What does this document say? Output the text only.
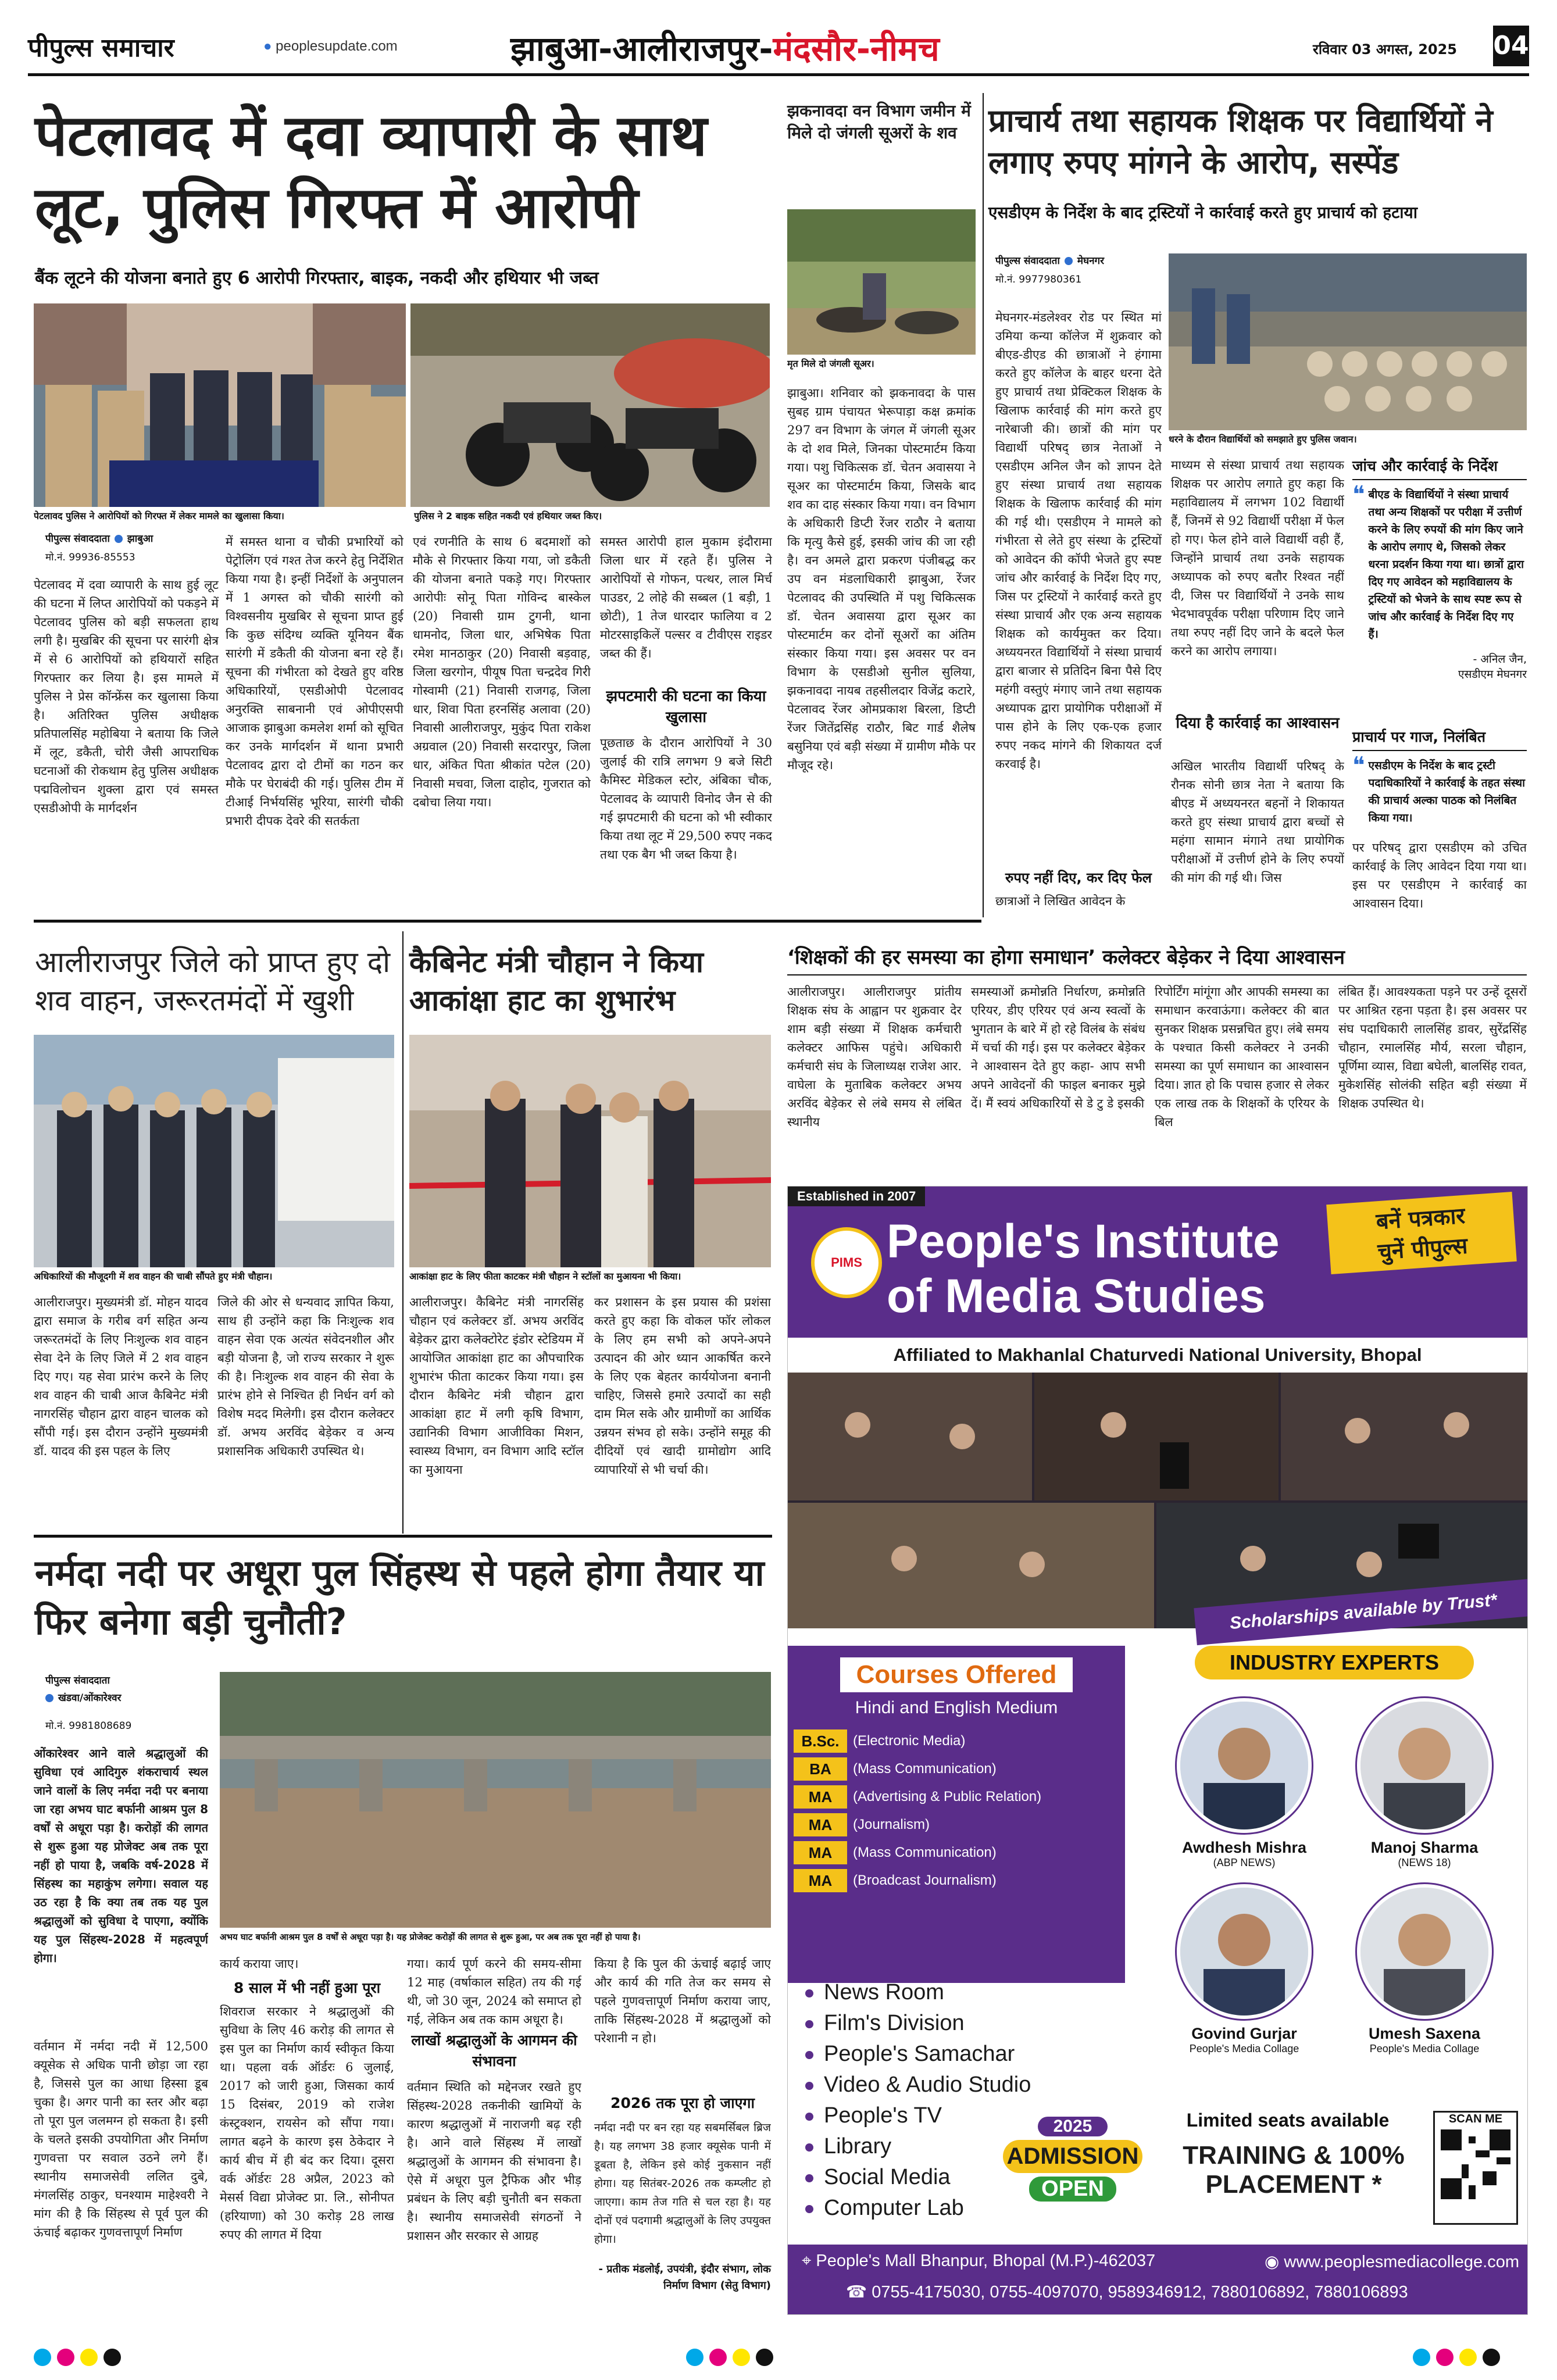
पीपुल्स समाचार	● peoplesupdate.com	झाबुआ-आलीराजपुर-मंदसौर-नीमच	रविवार 03 अगस्त, 2025 04
पेटलावद में दवा व्यापारी के साथ लूट, पुलिस गिरफ्त में आरोपी
बैंक लूटने की योजना बनाते हुए 6 आरोपी गिरफ्तार, बाइक, नकदी और हथियार भी जब्त
पेटलावद पुलिस ने आरोपियों को गिरफ्त में लेकर मामले का खुलासा किया।	पुलिस ने 2 बाइक सहित नकदी एवं हथियार जब्त किए।
पीपुल्स संवाददाता झाबुआ
मो.नं. 99936-85553
पेटलावद में दवा व्यापारी के साथ हुई लूट की घटना में लिप्त आरोपियों को पकड़ने में पेटलावद पुलिस को बड़ी सफलता हाथ लगी है। मुखबिर की सूचना पर सारंगी क्षेत्र में से 6 आरोपियों को हथियारों सहित गिरफ्तार कर लिया है। इस मामले में पुलिस ने प्रेस कॉन्फ्रेंस कर खुलासा किया है। अतिरिक्त पुलिस अधीक्षक प्रतिपालसिंह महोबिया ने बताया कि जिले में लूट, डकैती, चोरी जैसी आपराधिक घटनाओं की रोकथाम हेतु पुलिस अधीक्षक पद्मविलोचन शुक्ला द्वारा एवं समस्त एसडीओपी के मार्गदर्शन
में समस्त थाना व चौकी प्रभारियों को पेट्रोलिंग एवं गश्त तेज करने हेतु निर्देशित किया गया है। इन्हीं निर्देशों के अनुपालन में 1 अगस्त को चौकी सारंगी को विश्वसनीय मुखबिर से सूचना प्राप्त हुई कि कुछ संदिग्ध व्यक्ति यूनियन बैंक सारंगी में डकैती की योजना बना रहे हैं। सूचना की गंभीरता को देखते हुए वरिष्ठ अधिकारियों, एसडीओपी पेटलावद अनुरक्ति साबनानी एवं ओपीएसपी आजाक झाबुआ कमलेश शर्मा को सूचित कर उनके मार्गदर्शन में थाना प्रभारी पेटलावद द्वारा दो टीमों का गठन कर मौके पर घेराबंदी की गई। पुलिस टीम में टीआई निर्भयसिंह भूरिया, सारंगी चौकी प्रभारी दीपक देवरे की सतर्कता
एवं रणनीति के साथ 6 बदमाशों को मौके से गिरफ्तार किया गया, जो डकैती की योजना बनाते पकड़े गए। गिरफ्तार आरोपीः सोनू पिता गोविन्द बास्केल (20) निवासी ग्राम टुगनी, थाना धामनोद, जिला धार, अभिषेक पिता रमेश मानठाकुर (20) निवासी बड़वाह, जिला खरगोन, पीयूष पिता चन्द्रदेव गिरी गोस्वामी (21) निवासी राजगढ़, जिला धार, शिवा पिता हरनसिंह अलावा (20) निवासी आलीराजपुर, मुकुंद पिता राकेश अग्रवाल (20) निवासी सरदारपुर, जिला धार, अंकित पिता श्रीकांत पटेल (20) निवासी मचवा, जिला दाहोद, गुजरात को दबोचा लिया गया।
समस्त आरोपी हाल मुकाम इंदौरामा जिला धार में रहते हैं। पुलिस ने आरोपियों से गोफन, पत्थर, लाल मिर्च पाउडर, 2 लोहे की सब्बल (1 बड़ी, 1 छोटी), 1 तेज धारदार फालिया व 2 मोटरसाइकिलें पल्सर व टीवीएस राइडर जब्त की हैं।
झपटमारी की घटना का किया खुलासा
पूछताछ के दौरान आरोपियों ने 30 जुलाई की रात्रि लगभग 9 बजे सिटी कैमिस्ट मेडिकल स्टोर, अंबिका चौक, पेटलावद के व्यापारी विनोद जैन से की गई झपटमारी की घटना को भी स्वीकार किया तथा लूट में 29,500 रुपए नकद तथा एक बैग भी जब्त किया है।
झकनावदा वन विभाग जमीन में मिले दो जंगली सूअरों के शव
मृत मिले दो जंगली सूअर।
झाबुआ। शनिवार को झकनावदा के पास सुबह ग्राम पंचायत भेरूपाड़ा कक्ष क्रमांक 297 वन विभाग के जंगल में जंगली सूअर के दो शव मिले, जिनका पोस्टमार्टम किया गया। पशु चिकित्सक डॉ. चेतन अवासया ने सूअर का पोस्टमार्टम किया, जिसके बाद शव का दाह संस्कार किया गया। वन विभाग के अधिकारी डिप्टी रेंजर राठौर ने बताया कि मृत्यु कैसे हुई, इसकी जांच की जा रही है। वन अमले द्वारा प्रकरण पंजीबद्ध कर उप वन मंडलाधिकारी झाबुआ, रेंजर पेटलावद की उपस्थिति में पशु चिकित्सक डॉ. चेतन अवासया द्वारा सूअर का पोस्टमार्टम कर दोनों सूअरों का अंतिम संस्कार किया गया। इस अवसर पर वन विभाग के एसडीओ सुनील सुलिया, झकनावदा नायब तहसीलदार विजेंद्र कटारे, पेटलावद रेंजर ओमप्रकाश बिरला, डिप्टी रेंजर जितेंद्रसिंह राठौर, बिट गार्ड शैलेष बसुनिया एवं बड़ी संख्या में ग्रामीण मौके पर मौजूद रहे।
प्राचार्य तथा सहायक शिक्षक पर विद्यार्थियों ने लगाए रुपए मांगने के आरोप, सस्पेंड
एसडीएम के निर्देश के बाद ट्रस्टियों ने कार्रवाई करते हुए प्राचार्य को हटाया
पीपुल्स संवाददाता मेघनगर
मो.नं. 9977980361
धरने के दौरान विद्यार्थियों को समझाते हुए पुलिस जवान।
मेघनगर-मंडलेश्वर रोड पर स्थित मां उमिया कन्या कॉलेज में शुक्रवार को बीएड-डीएड की छात्राओं ने हंगामा करते हुए कॉलेज के बाहर धरना देते हुए प्राचार्य तथा प्रेक्टिकल शिक्षक के खिलाफ कार्रवाई की मांग करते हुए नारेबाजी की। छात्रों की मांग पर विद्यार्थी परिषद् छात्र नेताओं ने एसडीएम अनिल जैन को ज्ञापन देते हुए संस्था प्राचार्य तथा सहायक शिक्षक के खिलाफ कार्रवाई की मांग की गई थी। एसडीएम ने मामले को गंभीरता से लेते हुए संस्था के ट्रस्टियों को आवेदन की कॉपी भेजते हुए स्पष्ट जांच और कार्रवाई के निर्देश दिए गए, जिस पर ट्रस्टियों ने कार्रवाई करते हुए संस्था प्राचार्य और एक अन्य सहायक शिक्षक को कार्यमुक्त कर दिया। अध्ययनरत विद्यार्थियों ने संस्था प्राचार्य द्वारा बाजार से प्रतिदिन बिना पैसे दिए महंगी वस्तुएं मंगाए जाने तथा सहायक अध्यापक द्वारा प्रायोगिक परीक्षाओं में पास होने के लिए एक-एक हजार रुपए नकद मांगने की शिकायत दर्ज करवाई है।
रुपए नहीं दिए, कर दिए फेल
छात्राओं ने लिखित आवेदन के
माध्यम से संस्था प्राचार्य तथा सहायक शिक्षक पर आरोप लगाते हुए कहा कि महाविद्यालय में लगभग 102 विद्यार्थी हैं, जिनमें से 92 विद्यार्थी परीक्षा में फेल हो गए। फेल होने वाले विद्यार्थी वही हैं, जिन्होंने प्राचार्य तथा उनके सहायक अध्यापक को रुपए बतौर रिश्वत नहीं दी, जिस पर विद्यार्थियों ने उनके साथ भेदभावपूर्वक परीक्षा परिणाम दिए जाने तथा रुपए नहीं दिए जाने के बदले फेल करने का आरोप लगाया।
दिया है कार्रवाई का आश्वासन
अखिल भारतीय विद्यार्थी परिषद् के रौनक सोनी छात्र नेता ने बताया कि बीएड में अध्ययनरत बहनों ने शिकायत करते हुए संस्था प्राचार्य द्वारा बच्चों से महंगा सामान मंगाने तथा प्रायोगिक परीक्षाओं में उत्तीर्ण होने के लिए रुपयों की मांग की गई थी। जिस
जांच और कार्रवाई के निर्देश
❝ बीएड के विद्यार्थियों ने संस्था प्राचार्य तथा अन्य शिक्षकों पर परीक्षा में उत्तीर्ण करने के लिए रुपयों की मांग किए जाने के आरोप लगाए थे, जिसको लेकर धरना प्रदर्शन किया गया था। छात्रों द्वारा दिए गए आवेदन को महाविद्यालय के ट्रस्टियों को भेजने के साथ स्पष्ट रूप से जांच और कार्रवाई के निर्देश दिए गए हैं।
- अनिल जैन,
एसडीएम मेघनगर
प्राचार्य पर गाज, निलंबित
❝ एसडीएम के निर्देश के बाद ट्रस्टी पदाधिकारियों ने कार्रवाई के तहत संस्था की प्राचार्य अल्का पाठक को निलंबित किया गया।
पर परिषद् द्वारा एसडीएम को उचित कार्रवाई के लिए आवेदन दिया गया था। इस पर एसडीएम ने कार्रवाई का आश्वासन दिया।
आलीराजपुर जिले को प्राप्त हुए दो शव वाहन, जरूरतमंदों में खुशी
अधिकारियों की मौजूदगी में शव वाहन की चाबी सौंपते हुए मंत्री चौहान।
आलीराजपुर। मुख्यमंत्री डॉ. मोहन यादव द्वारा समाज के गरीब वर्ग सहित अन्य जरूरतमंदों के लिए निःशुल्क शव वाहन सेवा देने के लिए जिले में 2 शव वाहन दिए गए। यह सेवा प्रारंभ करने के लिए शव वाहन की चाबी आज कैबिनेट मंत्री नागरसिंह चौहान द्वारा वाहन चालक को सौंपी गई। इस दौरान उन्होंने मुख्यमंत्री डॉ. यादव की इस पहल के लिए
जिले की ओर से धन्यवाद ज्ञापित किया, साथ ही उन्होंने कहा कि निःशुल्क शव वाहन सेवा एक अत्यंत संवेदनशील और बड़ी योजना है, जो राज्य सरकार ने शुरू की है। निःशुल्क शव वाहन की सेवा के प्रारंभ होने से निश्चित ही निर्धन वर्ग को विशेष मदद मिलेगी। इस दौरान कलेक्टर डॉ. अभय अरविंद बेड़ेकर व अन्य प्रशासनिक अधिकारी उपस्थित थे।
कैबिनेट मंत्री चौहान ने किया आकांक्षा हाट का शुभारंभ
आकांक्षा हाट के लिए फीता काटकर मंत्री चौहान ने स्टॉलों का मुआयना भी किया।
आलीराजपुर। कैबिनेट मंत्री नागरसिंह चौहान एवं कलेक्टर डॉ. अभय अरविंद बेड़ेकर द्वारा कलेक्टोरेट इंडोर स्टेडियम में आयोजित आकांक्षा हाट का औपचारिक शुभारंभ फीता काटकर किया गया। इस दौरान कैबिनेट मंत्री चौहान द्वारा आकांक्षा हाट में लगी कृषि विभाग, उद्यानिकी विभाग आजीविका मिशन, स्वास्थ्य विभाग, वन विभाग आदि स्टॉल का मुआयना
कर प्रशासन के इस प्रयास की प्रशंसा करते हुए कहा कि वोकल फॉर लोकल के लिए हम सभी को अपने-अपने उत्पादन की ओर ध्यान आकर्षित करने के लिए एक बेहतर कार्ययोजना बनानी चाहिए, जिससे हमारे उत्पादों का सही दाम मिल सके और ग्रामीणों का आर्थिक उन्नयन संभव हो सके। उन्होंने समूह की दीदियों एवं खादी ग्रामोद्योग आदि व्यापारियों से भी चर्चा की।
‘शिक्षकों की हर समस्या का होगा समाधान’ कलेक्टर बेड़ेकर ने दिया आश्वासन
आलीराजपुर। आलीराजपुर प्रांतीय शिक्षक संघ के आह्वान पर शुक्रवार देर शाम बड़ी संख्या में शिक्षक कर्मचारी कलेक्टर आफिस पहुंचे। अधिकारी कर्मचारी संघ के जिलाध्यक्ष राजेश आर. वाघेला के मुताबिक कलेक्टर अभय अरविंद बेड़ेकर से लंबे समय से लंबित स्थानीय
समस्याओं क्रमोन्नति निर्धारण, क्रमोन्नति एरियर, डीए एरियर एवं अन्य स्वत्वों के भुगतान के बारे में हो रहे विलंब के संबंध में चर्चा की गई। इस पर कलेक्टर बेड़ेकर ने आश्वासन देते हुए कहा- आप सभी अपने आवेदनों की फाइल बनाकर मुझे दें। मैं स्वयं अधिकारियों से डे टु डे इसकी
रिपोर्टिंग मांगूंगा और आपकी समस्या का समाधान करवाऊंगा। कलेक्टर की बात सुनकर शिक्षक प्रसन्नचित हुए। लंबे समय के पश्चात किसी कलेक्टर ने उनकी समस्या का पूर्ण समाधान का आश्वासन दिया। ज्ञात हो कि पचास हजार से लेकर एक लाख तक के शिक्षकों के एरियर के बिल
लंबित हैं। आवश्यकता पड़ने पर उन्हें दूसरों पर आश्रित रहना पड़ता है। इस अवसर पर संघ पदाधिकारी लालसिंह डावर, सुरेंद्रसिंह चौहान, रमालसिंह मौर्य, सरला चौहान, पूर्णिमा व्यास, विद्या बघेली, बालसिंह रावत, मुकेशसिंह सोलंकी सहित बड़ी संख्या में शिक्षक उपस्थित थे।
Established in 2007
PIMS People's Institute
of Media Studies
बनें पत्रकार
चुनें पीपुल्स
Affiliated to Makhanlal Chaturvedi National University, Bhopal
Scholarships available by Trust*
Courses Offered
Hindi and English Medium
B.Sc. (Electronic Media)
BA	(Mass Communication)
MA	(Advertising & Public Relation)
MA	(Journalism)
MA	(Mass Communication)
MA	(Broadcast Journalism)
News Room
Film's Division
People's Samachar
Video & Audio Studio
People's TV
Library
Social Media
Computer Lab
INDUSTRY EXPERTS
Awdhesh Mishra
(ABP NEWS)
Manoj Sharma
(NEWS 18)
Govind Gurjar
People's Media Collage
Umesh Saxena
People's Media Collage
2025
ADMISSION
OPEN
Limited seats available
TRAINING & 100%
PLACEMENT *
SCAN ME
⌖ People's Mall Bhanpur, Bhopal (M.P.)-462037	◉ www.peoplesmediacollege.com
☎ 0755-4175030, 0755-4097070, 9589346912, 7880106892, 7880106893
नर्मदा नदी पर अधूरा पुल सिंहस्थ से पहले होगा तैयार या फिर बनेगा बड़ी चुनौती?
पीपुल्स संवाददाता
खंडवा/ओंकारेश्वर
मो.नं. 9981808689
अभय घाट बर्फानी आश्रम पुल 8 वर्षों से अधूरा पड़ा है। यह प्रोजेक्ट करोड़ों की लागत से शुरू हुआ, पर अब तक पूरा नहीं हो पाया है।
ओंकारेश्वर आने वाले श्रद्धालुओं की सुविधा एवं आदिगुरु शंकराचार्य स्थल जाने वालों के लिए नर्मदा नदी पर बनाया जा रहा अभय घाट बर्फानी आश्रम पुल 8 वर्षों से अधूरा पड़ा है। करोड़ों की लागत से शुरू हुआ यह प्रोजेक्ट अब तक पूरा नहीं हो पाया है, जबकि वर्ष-2028 में सिंहस्थ का महाकुंभ लगेगा। सवाल यह उठ रहा है कि क्या तब तक यह पुल श्रद्धालुओं को सुविधा दे पाएगा, क्योंकि यह पुल सिंहस्थ-2028 में महत्वपूर्ण होगा।
वर्तमान में नर्मदा नदी में 12,500 क्यूसेक से अधिक पानी छोड़ा जा रहा है, जिससे पुल का आधा हिस्सा डूब चुका है। अगर पानी का स्तर और बढ़ा तो पूरा पुल जलमग्न हो सकता है। इसी के चलते इसकी उपयोगिता और निर्माण गुणवत्ता पर सवाल उठने लगे हैं। स्थानीय समाजसेवी ललित दुबे, मंगलसिंह ठाकुर, घनश्याम माहेश्वरी ने मांग की है कि सिंहस्थ से पूर्व पुल की ऊंचाई बढ़ाकर गुणवत्तापूर्ण निर्माण
कार्य कराया जाए।
8 साल में भी नहीं हुआ पूरा
शिवराज सरकार ने श्रद्धालुओं की सुविधा के लिए 46 करोड़ की लागत से इस पुल का निर्माण कार्य स्वीकृत किया था। पहला वर्क ऑर्डरः 6 जुलाई, 2017 को जारी हुआ, जिसका कार्य 15 दिसंबर, 2019 को राजेश कंस्ट्रक्शन, रायसेन को सौंपा गया। लागत बढ़ने के कारण इस ठेकेदार ने कार्य बीच में ही बंद कर दिया। दूसरा वर्क ऑर्डरः 28 अप्रैल, 2023 को मेसर्स विद्या प्रोजेक्ट प्रा. लि., सोनीपत (हरियाणा) को 30 करोड़ 28 लाख रुपए की लागत में दिया
गया। कार्य पूर्ण करने की समय-सीमा 12 माह (वर्षाकाल सहित) तय की गई थी, जो 30 जून, 2024 को समाप्त हो गई, लेकिन अब तक काम अधूरा है।
लाखों श्रद्धालुओं के आगमन की संभावना
वर्तमान स्थिति को मद्देनजर रखते हुए सिंहस्थ-2028 तकनीकी खामियों के कारण श्रद्धालुओं में नाराजगी बढ़ रही है। आने वाले सिंहस्थ में लाखों श्रद्धालुओं के आगमन की संभावना है। ऐसे में अधूरा पुल ट्रैफिक और भीड़ प्रबंधन के लिए बड़ी चुनौती बन सकता है। स्थानीय समाजसेवी संगठनों ने प्रशासन और सरकार से आग्रह
किया है कि पुल की ऊंचाई बढ़ाई जाए और कार्य की गति तेज कर समय से पहले गुणवत्तापूर्ण निर्माण कराया जाए, ताकि सिंहस्थ-2028 में श्रद्धालुओं को परेशानी न हो।
2026 तक पूरा हो जाएगा
नर्मदा नदी पर बन रहा यह सबमर्सिबल ब्रिज है। यह लगभग 38 हजार क्यूसेक पानी में डूबता है, लेकिन इसे कोई नुकसान नहीं होगा। यह सितंबर-2026 तक कम्प्लीट हो जाएगा। काम तेज गति से चल रहा है। यह दोनों एवं पदगामी श्रद्धालुओं के लिए उपयुक्त होगा।
- प्रतीक मंडलोई, उपयंत्री, इंदौर संभाग, लोक निर्माण विभाग (सेतु विभाग)
